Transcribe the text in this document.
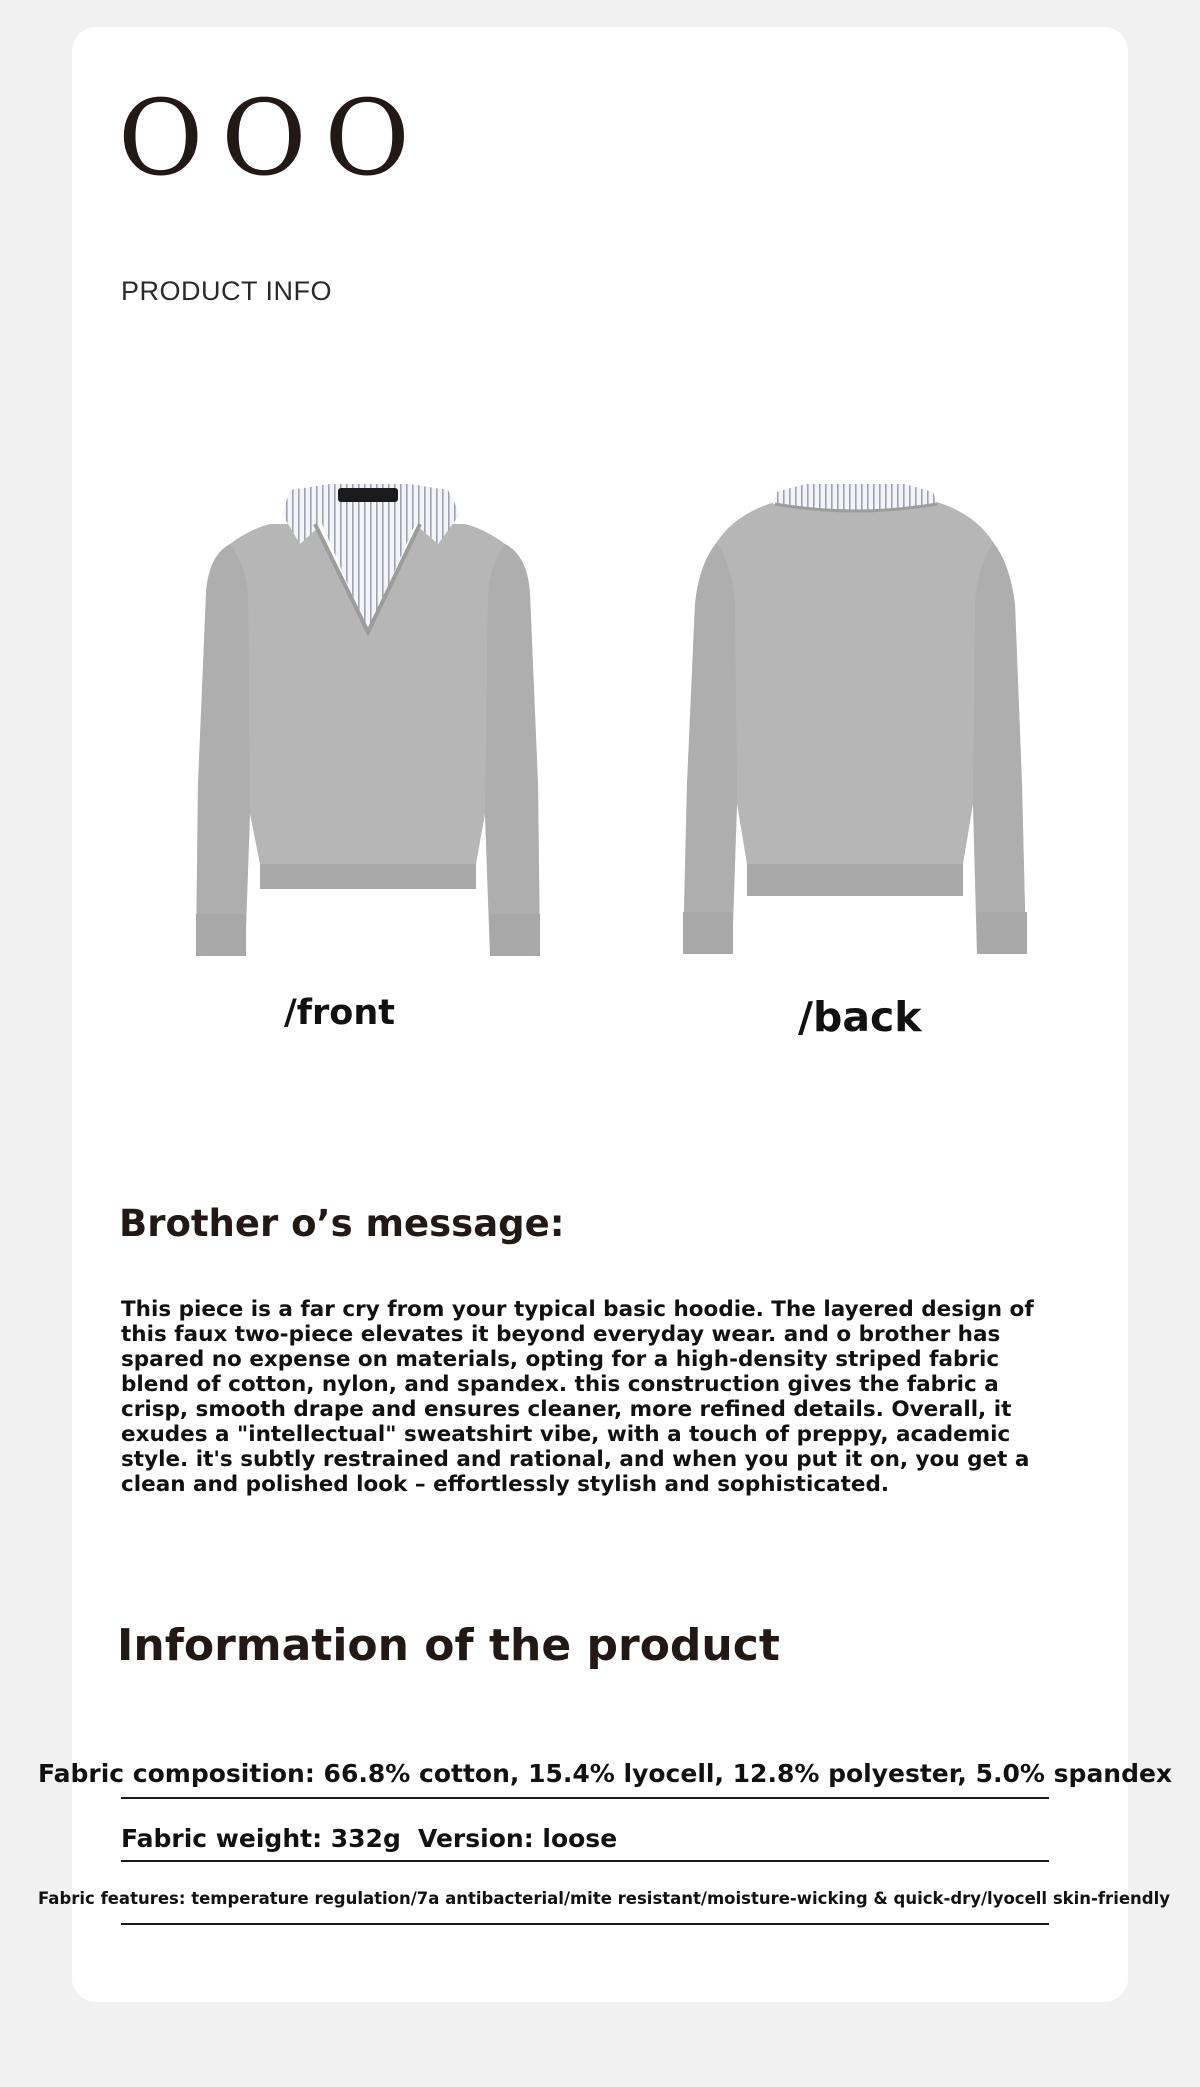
OOO
PRODUCT INFO
/front	/back
Brother o’s message:

This piece is a far cry from your typical basic hoodie. The layered design of this faux two-piece elevates it beyond everyday wear. and o brother has spared no expense on materials, opting for a high-density striped fabric blend of cotton, nylon, and spandex. this construction gives the fabric a crisp, smooth drape and ensures cleaner, more refined details. Overall, it exudes a "intellectual" sweatshirt vibe, with a touch of preppy, academic style. it's subtly restrained and rational, and when you put it on, you get a clean and polished look – effortlessly stylish and sophisticated.

Information of the product
Fabric composition: 66.8% cotton, 15.4% lyocell, 12.8% polyester, 5.0% spandex
Fabric weight: 332g Version: loose
Fabric features: temperature regulation/7a antibacterial/mite resistant/moisture-wicking & quick-dry/lyocell skin-friendly
